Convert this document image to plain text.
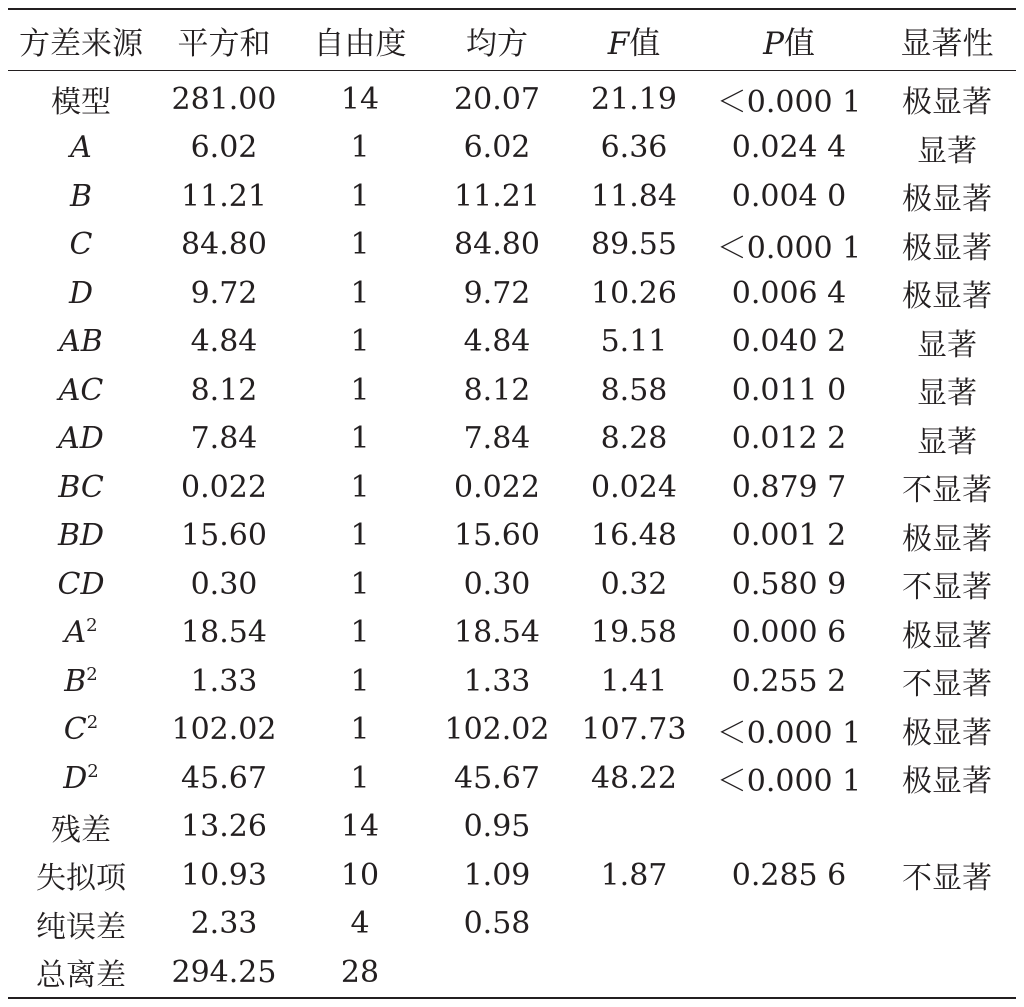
方差来源	平方和	自由度	均方	F值	P值	显著性
模型	281.00	14	20.07	21.19	＜0.000 1	极显著
A	6.02	1	6.02	6.36	0.024 4	显著
B	11.21	1	11.21	11.84	0.004 0	极显著
C	84.80	1	84.80	89.55	＜0.000 1	极显著
D	9.72	1	9.72	10.26	0.006 4	极显著
AB	4.84	1	4.84	5.11	0.040 2	显著
AC	8.12	1	8.12	8.58	0.011 0	显著
AD	7.84	1	7.84	8.28	0.012 2	显著
BC	0.022	1	0.022	0.024	0.879 7	不显著
BD	15.60	1	15.60	16.48	0.001 2	极显著
CD	0.30	1	0.30	0.32	0.580 9	不显著
$A^2$	18.54	1	18.54	19.58	0.000 6	极显著
$B^2$	1.33	1	1.33	1.41	0.255 2	不显著
$C^2$	102.02	1	102.02	107.73	＜0.000 1	极显著
$D^2$	45.67	1	45.67	48.22	＜0.000 1	极显著
残差	13.26	14	0.95			
失拟项	10.93	10	1.09	1.87	0.285 6	不显著
纯误差	2.33	4	0.58			
总离差	294.25	28				
